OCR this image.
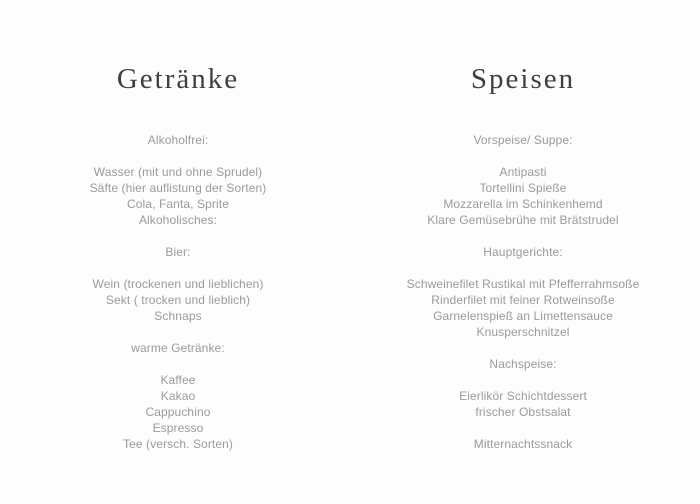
Getränke
Alkoholfrei:

Wasser (mit und ohne Sprudel)
Säfte (hier auflistung der Sorten)
Cola, Fanta, Sprite
Alkoholisches:

Bier:

Wein (trockenen und lieblichen)
Sekt ( trocken und lieblich)
Schnaps

warme Getränke:

Kaffee
Kakao
Cappuchino
Espresso
Tee (versch. Sorten)
Speisen
Vorspeise/ Suppe:

Antipasti
Tortellini Spieße
Mozzarella im Schinkenhemd
Klare Gemüsebrühe mit Brätstrudel

Hauptgerichte:

Schweinefilet Rustikal mit Pfefferrahmsoße
Rinderfilet mit feiner Rotweinsoße
Garnelenspieß an Limettensauce
Knusperschnitzel

Nachspeise:

Eierlikör Schichtdessert
frischer Obstsalat

Mitternachtssnack
